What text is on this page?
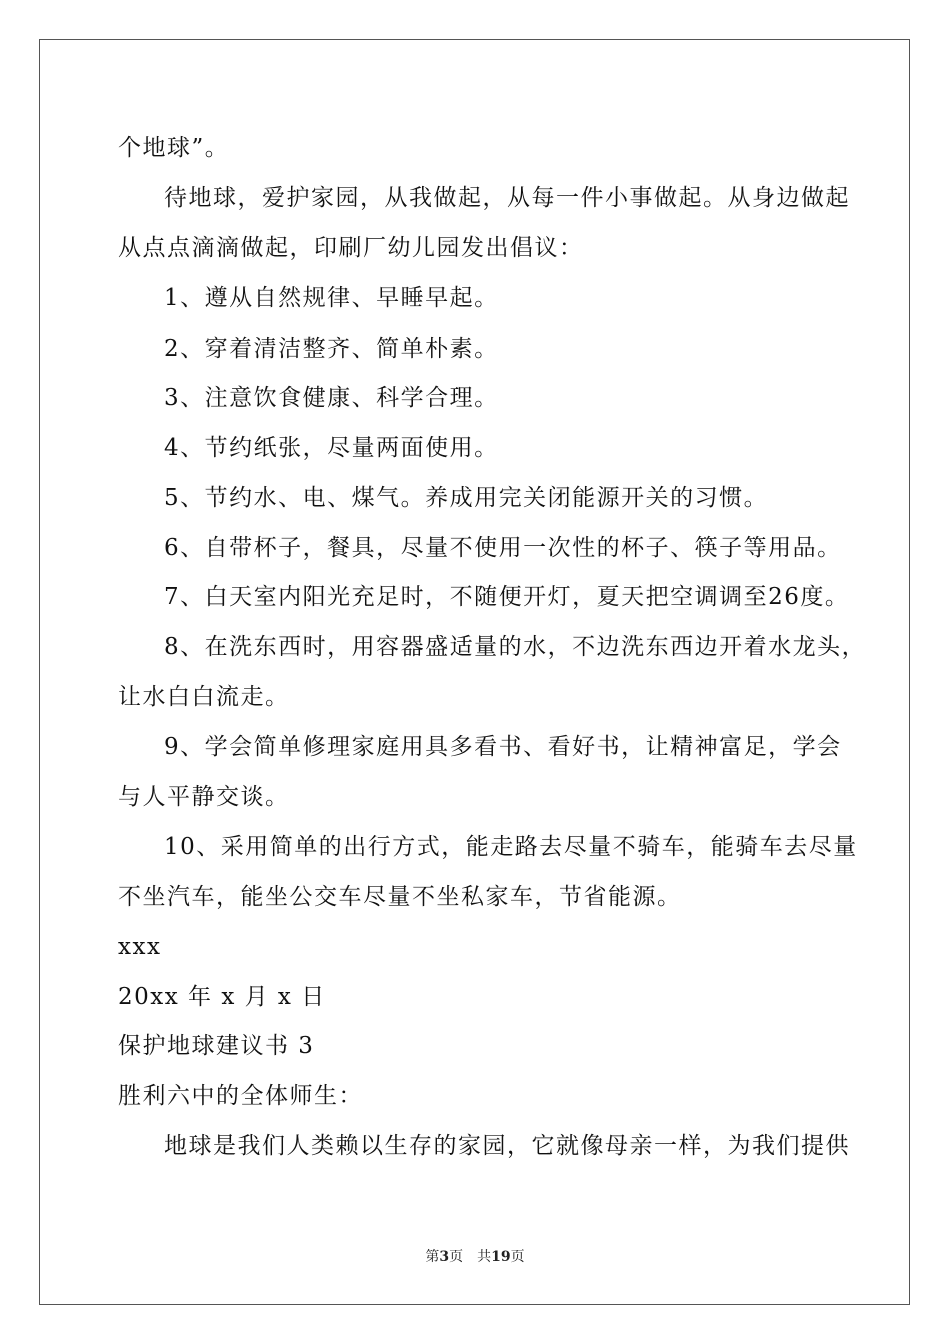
个地球”。
待地球，爱护家园，从我做起，从每一件小事做起。从身边做起
从点点滴滴做起，印刷厂幼儿园发出倡议：
1、遵从自然规律、早睡早起。
2、穿着清洁整齐、简单朴素。
3、注意饮食健康、科学合理。
4、节约纸张，尽量两面使用。
5、节约水、电、煤气。养成用完关闭能源开关的习惯。
6、自带杯子，餐具，尽量不使用一次性的杯子、筷子等用品。
7、白天室内阳光充足时，不随便开灯，夏天把空调调至26度。
8、在洗东西时，用容器盛适量的水，不边洗东西边开着水龙头，
让水白白流走。
9、学会简单修理家庭用具多看书、看好书，让精神富足，学会
与人平静交谈。
10、采用简单的出行方式，能走路去尽量不骑车，能骑车去尽量
不坐汽车，能坐公交车尽量不坐私家车，节省能源。
xxx
20xx 年 x 月 x 日
保护地球建议书 3
胜利六中的全体师生：
地球是我们人类赖以生存的家园，它就像母亲一样，为我们提供
第3页 共19页
